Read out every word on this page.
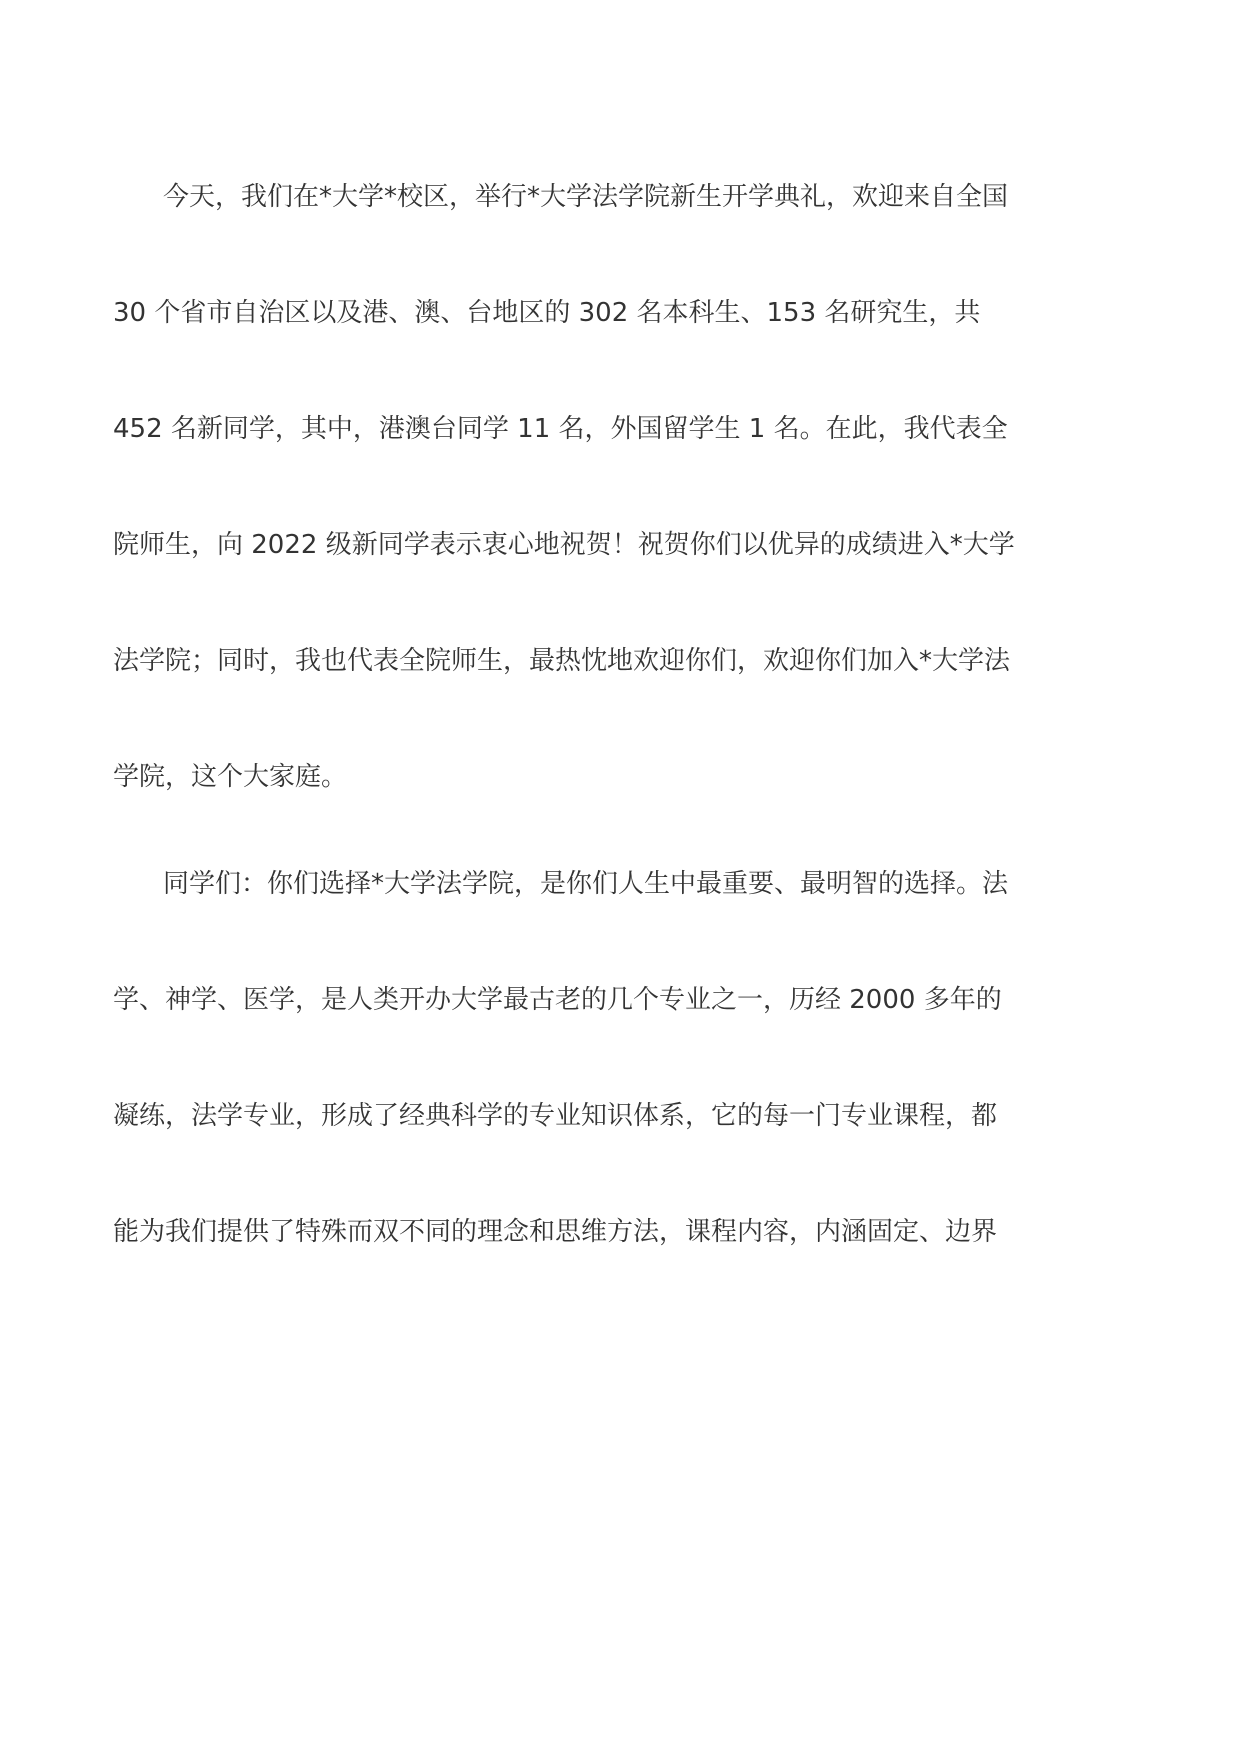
今天，我们在*大学*校区，举行*大学法学院新生开学典礼，欢迎来自全国
30 个省市自治区以及港、澳、台地区的 302 名本科生、153 名研究生，共
452 名新同学，其中，港澳台同学 11 名，外国留学生 1 名。在此，我代表全
院师生，向 2022 级新同学表示衷心地祝贺！祝贺你们以优异的成绩进入*大学
法学院；同时，我也代表全院师生，最热忱地欢迎你们，欢迎你们加入*大学法
学院，这个大家庭。
同学们：你们选择*大学法学院，是你们人生中最重要、最明智的选择。法
学、神学、医学，是人类开办大学最古老的几个专业之一，历经 2000 多年的
凝练，法学专业，形成了经典科学的专业知识体系，它的每一门专业课程，都
能为我们提供了特殊而双不同的理念和思维方法，课程内容，内涵固定、边界
